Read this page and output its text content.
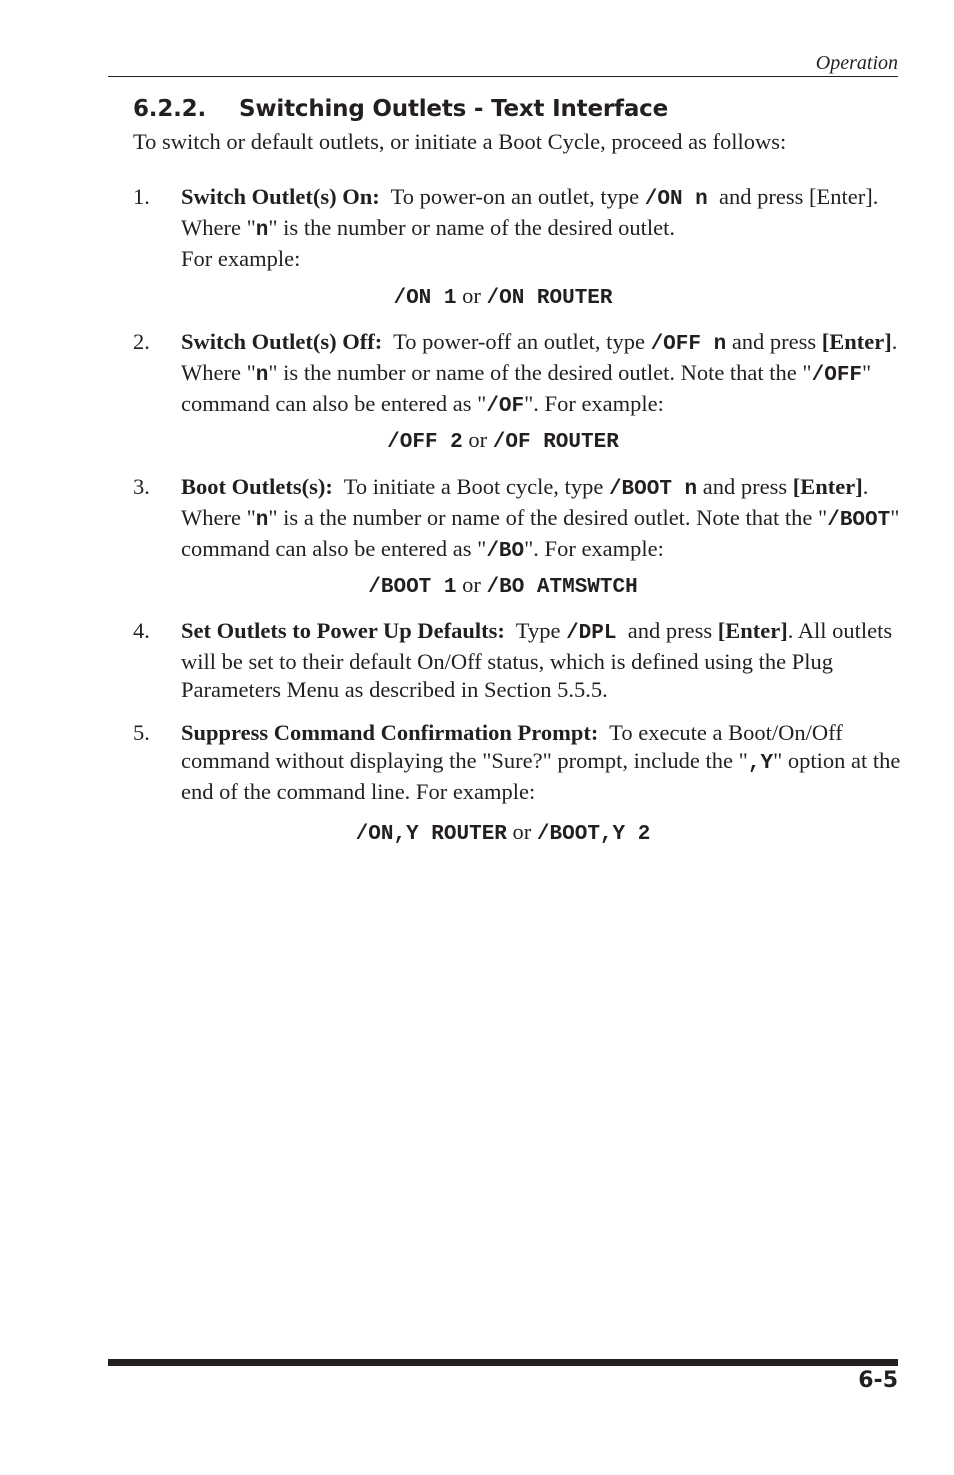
Operation
6.2.2. Switching Outlets - Text Interface
To switch or default outlets, or initiate a Boot Cycle, proceed as follows:
1.	Switch Outlet(s) On: To power-on an outlet, type /ON n and press [Enter]. Where "n" is the number or name of the desired outlet.
For example:
/ON 1 or /ON ROUTER
2.	Switch Outlet(s) Off: To power-off an outlet, type /OFF n and press [Enter]. Where "n" is the number or name of the desired outlet. Note that the "/OFF" command can also be entered as "/OF". For example:
/OFF 2 or /OF ROUTER
3.	Boot Outlets(s): To initiate a Boot cycle, type /BOOT n and press [Enter]. Where "n" is a the number or name of the desired outlet. Note that the "/BOOT" command can also be entered as "/BO". For example:
/BOOT 1 or /BO ATMSWTCH
4.	Set Outlets to Power Up Defaults: Type /DPL and press [Enter]. All outlets will be set to their default On/Off status, which is defined using the Plug Parameters Menu as described in Section 5.5.5.
5.	Suppress Command Confirmation Prompt: To execute a Boot/On/Off command without displaying the "Sure?" prompt, include the ",Y" option at the end of the command line. For example:
/ON,Y ROUTER or /BOOT,Y 2
6-5
